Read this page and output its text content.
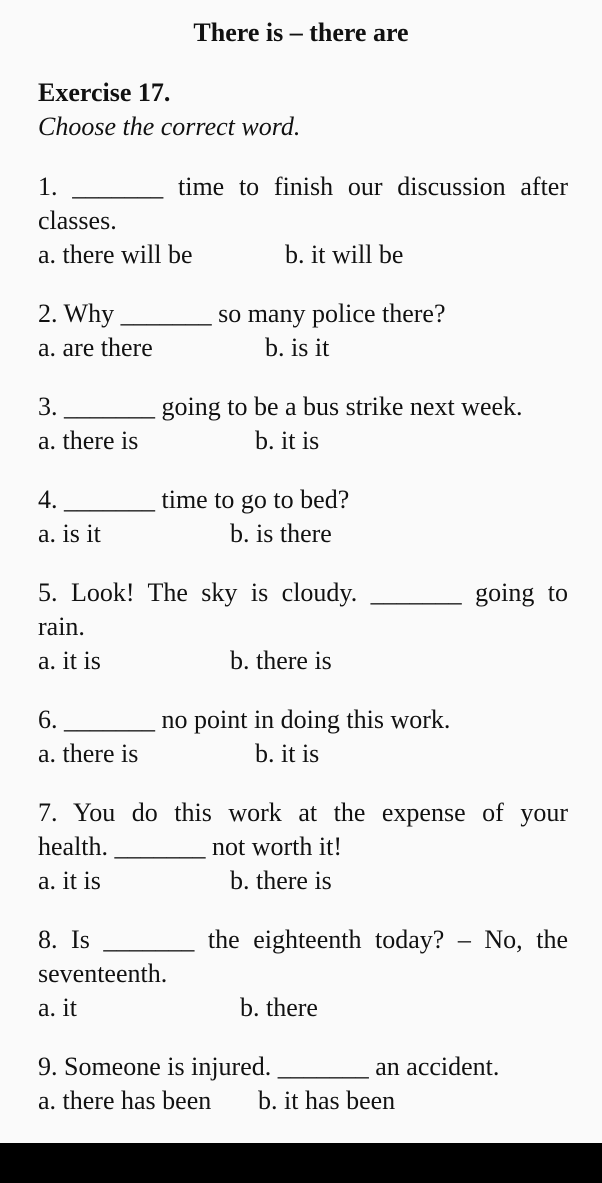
There is – there are
Exercise 17.
Choose the correct word.
1. _______ time to finish our discussion after
classes.
a. there will be	b. it will be
2. Why _______ so many police there?
a. are there	b. is it
3. _______ going to be a bus strike next week.
a. there is	b. it is
4. _______ time to go to bed?
a. is it	b. is there
5. Look! The sky is cloudy. _______ going to
rain.
a. it is	b. there is
6. _______ no point in doing this work.
a. there is	b. it is
7. You do this work at the expense of your
health. _______ not worth it!
a. it is	b. there is
8. Is _______ the eighteenth today? – No, the
seventeenth.
a. it	b. there
9. Someone is injured. _______ an accident.
a. there has been b. it has been
